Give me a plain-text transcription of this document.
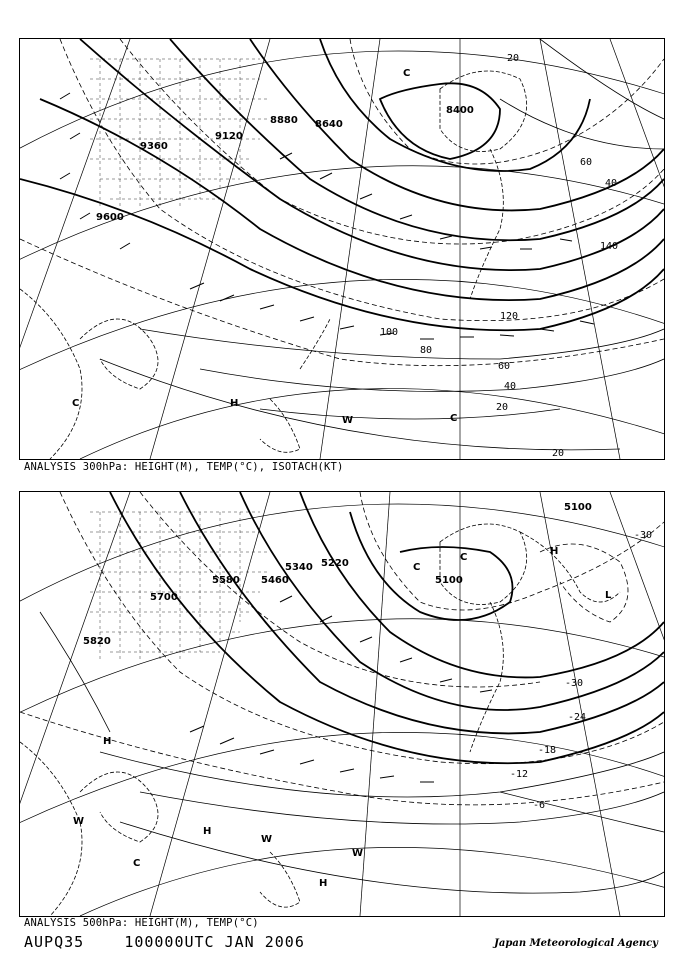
9600
9360
9120
8880 8640
8400
100
80
60
40
20
140
120
60
40
20
20
C	H
W	C
C
ANALYSIS 300hPa: HEIGHT(M), TEMP(°C), ISOTACH(KT)
5820
5700
5580 5460
5340 5220
5100
5100
-30
-30
-24
-18
-12
-6
H
W
H
W
C
W
H
H
L
C
C
ANALYSIS 500hPa: HEIGHT(M), TEMP(°C)
AUPQ35	100000UTC JAN 2006	Japan Meteorological Agency
